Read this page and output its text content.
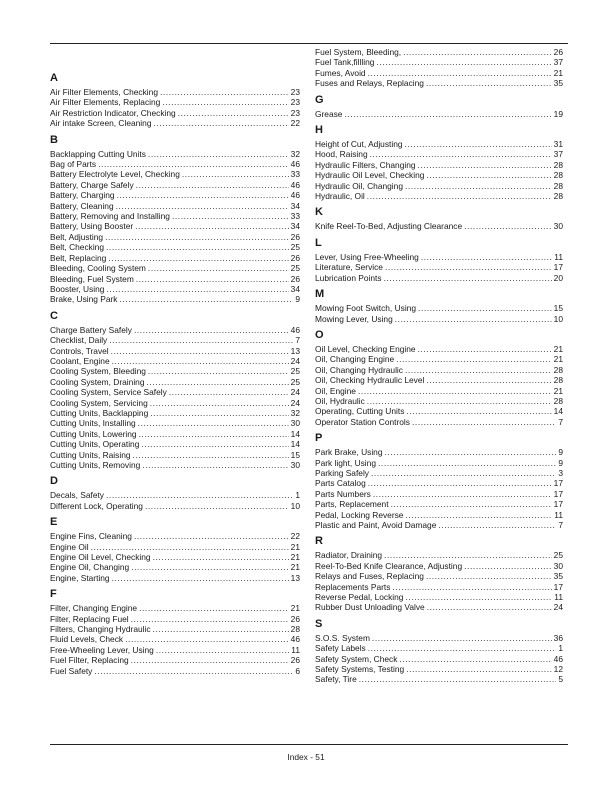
A
Air Filter Elements, Checking .....	23
Air Filter Elements, Replacing .....	23
Air Restriction Indicator, Checking .....	23
Air intake Screen, Cleaning .....	22
B
Backlapping Cutting Units .....	32
Bag of Parts .....	46
Battery Electrolyte Level, Checking .....	33
Battery, Charge Safely .....	46
Battery, Charging .....	46
Battery, Cleaning .....	34
Battery, Removing and Installing .....	33
Battery, Using Booster .....	34
Belt, Adjusting .....	26
Belt, Checking .....	25
Belt, Replacing .....	26
Bleeding, Cooling System .....	25
Bleeding, Fuel System .....	26
Booster, Using .....	34
Brake, Using Park .....	9
C
Charge Battery Safely .....	46
Checklist, Daily .....	7
Controls, Travel .....	13
Coolant, Engine .....	24
Cooling System, Bleeding .....	25
Cooling System, Draining .....	25
Cooling System, Service Safely .....	24
Cooling System, Servicing .....	24
Cutting Units, Backlapping .....	32
Cutting Units, Installing .....	30
Cutting Units, Lowering .....	14
Cutting Units, Operating .....	14
Cutting Units, Raising .....	15
Cutting Units, Removing .....	30
D
Decals, Safety .....	1
Different Lock, Operating .....	10
E
Engine Fins, Cleaning .....	22
Engine Oil .....	21
Engine Oil Level, Checking .....	21
Engine Oil, Changing .....	21
Engine, Starting .....	13
F
Filter, Changing Engine .....	21
Filter, Replacing Fuel .....	26
Filters, Changing Hydraulic .....	28
Fluid Levels, Check .....	46
Free-Wheeling Lever, Using .....	11
Fuel Filter, Replacing .....	26
Fuel Safety .....	6
Fuel System, Bleeding, .....	26
Fuel Tank,fillling .....	37
Fumes, Avoid .....	21
Fuses and Relays, Replacing .....	35
G
Grease .....	19
H
Height of Cut, Adjusting .....	31
Hood, Raising .....	37
Hydraulic Filters, Changing .....	28
Hydraulic Oil Level, Checking .....	28
Hydraulic Oil, Changing .....	28
Hydraulic, Oil .....	28
K
Knife Reel-To-Bed, Adjusting Clearance .....	30
L
Lever, Using Free-Wheeling .....	11
Literature, Service .....	17
Lubrication Points .....	20
M
Mowing Foot Switch, Using .....	15
Mowing Lever, Using .....	10
O
Oil Level, Checking Engine .....	21
Oil, Changing Engine .....	21
Oil, Changing Hydraulic .....	28
Oil, Checking Hydraulic Level .....	28
Oil, Engine .....	21
Oil, Hydraulic .....	28
Operating, Cutting Units .....	14
Operator Station Controls .....	7
P
Park Brake, Using .....	9
Park light, Using .....	9
Parking Safely .....	3
Parts Catalog .....	17
Parts Numbers .....	17
Parts, Replacement .....	17
Pedal, Locking Reverse .....	11
Plastic and Paint, Avoid Damage .....	7
R
Radiator, Draining .....	25
Reel-To-Bed Knife Clearance, Adjusting .....	30
Relays and Fuses, Replacing .....	35
Replacements Parts .....	17
Reverse Pedal, Locking .....	11
Rubber Dust Unloading Valve .....	24
S
S.O.S. System .....	36
Safety Labels .....	1
Safety System, Check .....	46
Safety Systems, Testing .....	12
Safety, Tire .....	5
Index - 51
